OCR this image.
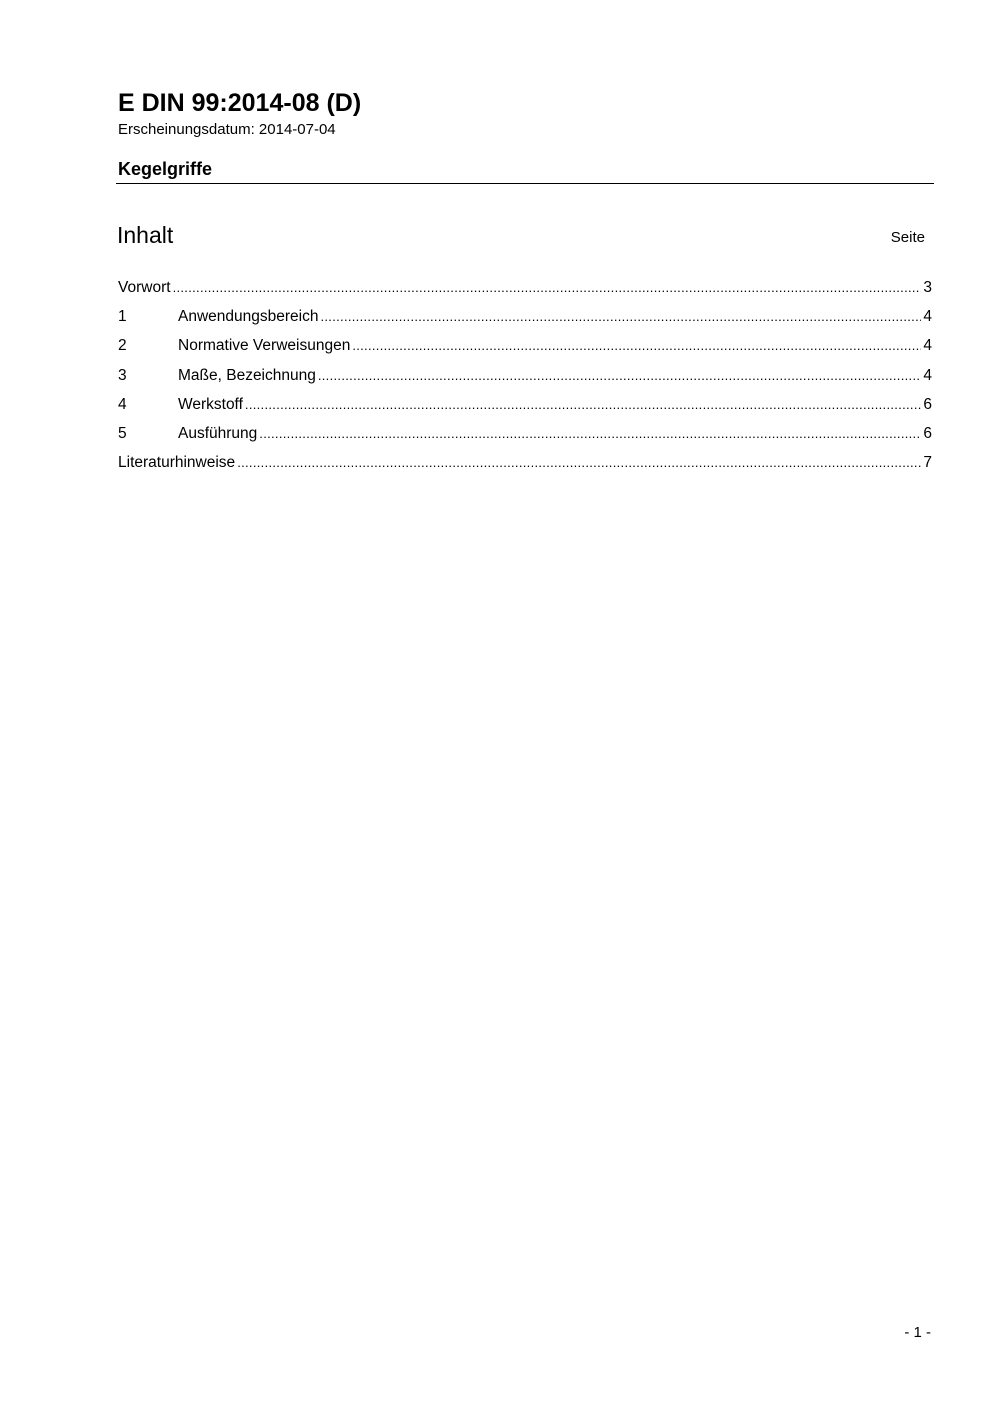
E DIN 99:2014-08 (D)
Erscheinungsdatum: 2014-07-04
Kegelgriffe
Inhalt	Seite
Vorwort .....	3
1	Anwendungsbereich .....	4
2	Normative Verweisungen .....	4
3	Maße, Bezeichnung .....	4
4	Werkstoff .....	6
5	Ausführung .....	6
Literaturhinweise .....	7
- 1 -
